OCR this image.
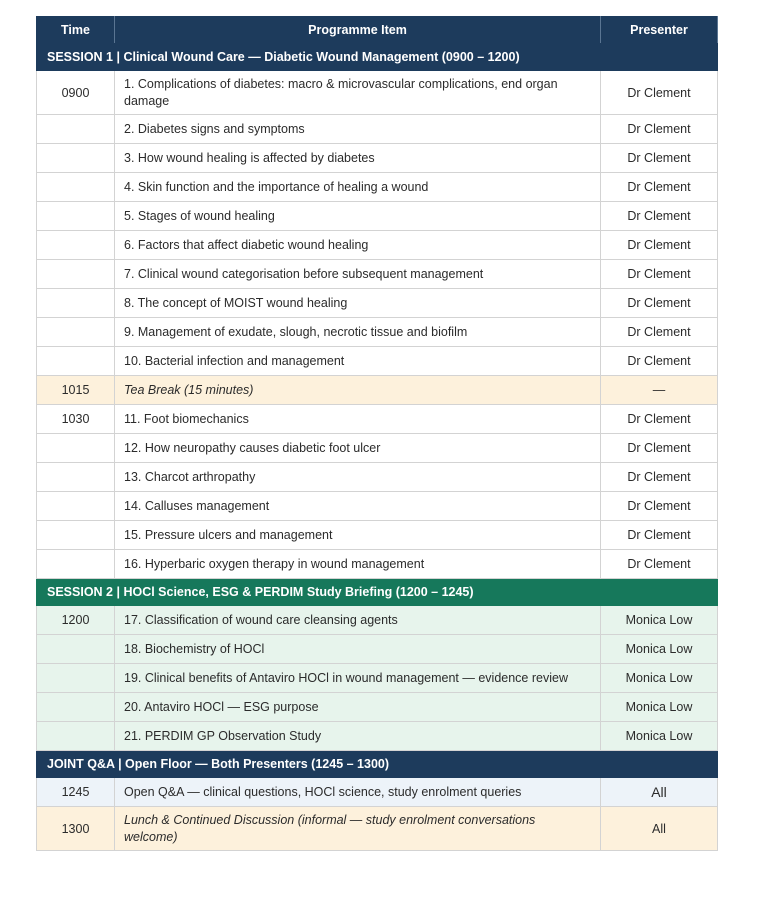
Time	Programme Item	Presenter
SESSION 1 | Clinical Wound Care — Diabetic Wound Management (0900 – 1200)		
0900	1. Complications of diabetes: macro & microvascular complications, end organ damage	Dr Clement
	2. Diabetes signs and symptoms	Dr Clement
	3. How wound healing is affected by diabetes	Dr Clement
	4. Skin function and the importance of healing a wound	Dr Clement
	5. Stages of wound healing	Dr Clement
	6. Factors that affect diabetic wound healing	Dr Clement
	7. Clinical wound categorisation before subsequent management	Dr Clement
	8. The concept of MOIST wound healing	Dr Clement
	9. Management of exudate, slough, necrotic tissue and biofilm	Dr Clement
	10. Bacterial infection and management	Dr Clement
1015	Tea Break (15 minutes)	—
1030	11. Foot biomechanics	Dr Clement
	12. How neuropathy causes diabetic foot ulcer	Dr Clement
	13. Charcot arthropathy	Dr Clement
	14. Calluses management	Dr Clement
	15. Pressure ulcers and management	Dr Clement
	16. Hyperbaric oxygen therapy in wound management	Dr Clement
SESSION 2 | HOCl Science, ESG & PERDIM Study Briefing (1200 – 1245)		
1200	17. Classification of wound care cleansing agents	Monica Low
	18. Biochemistry of HOCl	Monica Low
	19. Clinical benefits of Antaviro HOCl in wound management — evidence review	Monica Low
	20. Antaviro HOCl — ESG purpose	Monica Low
	21. PERDIM GP Observation Study	Monica Low
JOINT Q&A | Open Floor — Both Presenters (1245 – 1300)		
1245	Open Q&A — clinical questions, HOCl science, study enrolment queries	All
1300	Lunch & Continued Discussion (informal — study enrolment conversations welcome)	All
